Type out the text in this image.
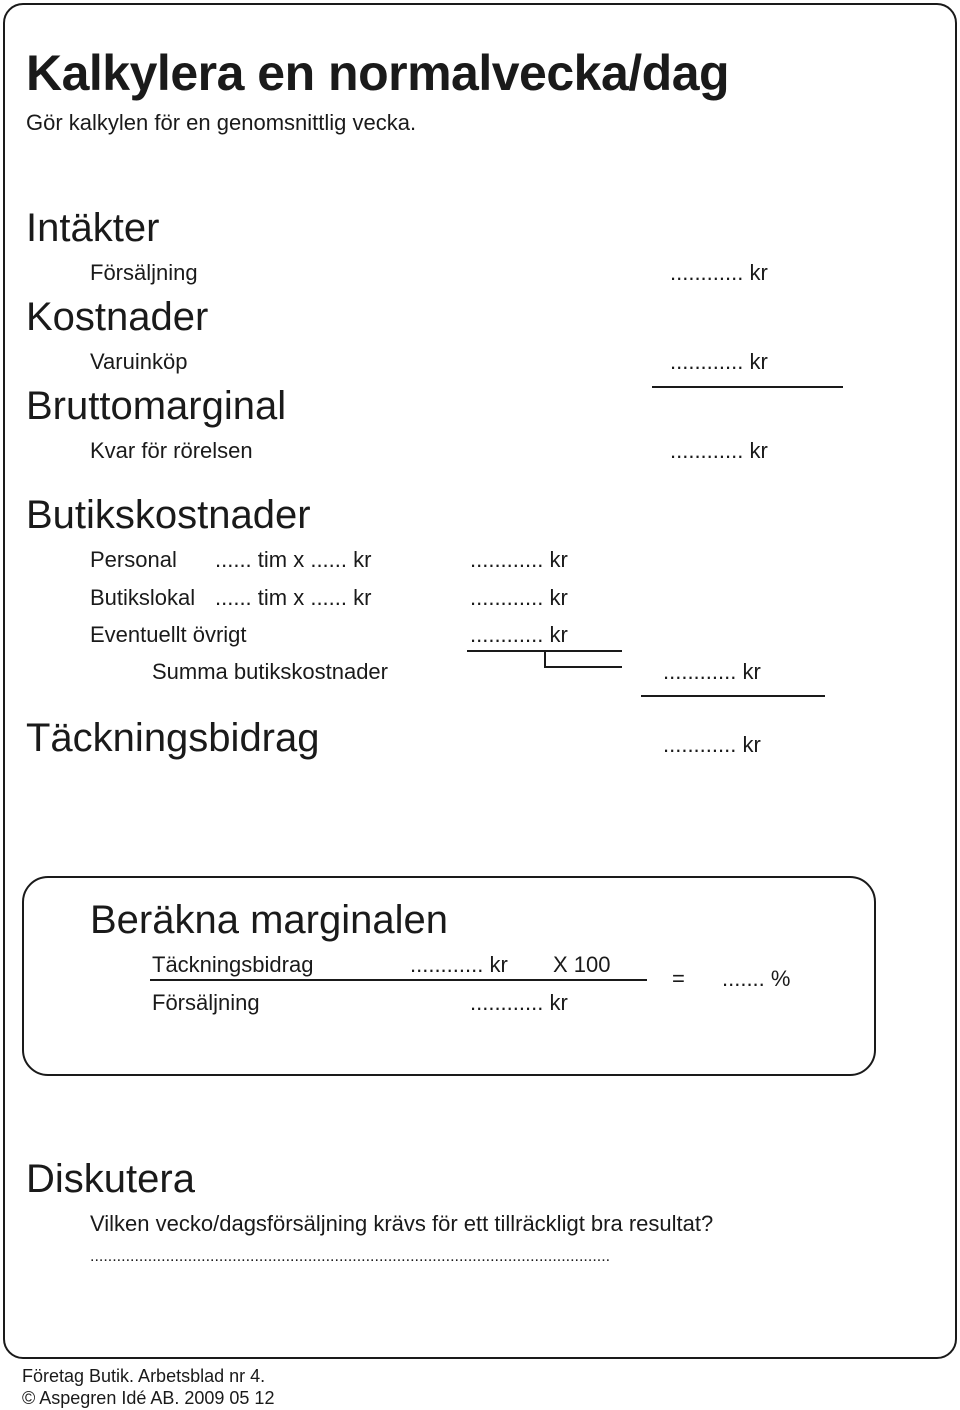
Kalkylera en normalvecka/dag
Gör kalkylen för en genomsnittlig vecka.
Intäkter
Försäljning	............ kr
Kostnader
Varuinköp	............ kr
Bruttomarginal
Kvar för rörelsen	............ kr
Butikskostnader
Personal ...... tim x ...... kr	............ kr
Butikslokal ...... tim x ...... kr	............ kr
Eventuellt övrigt	............ kr
Summa butikskostnader	............ kr
Täckningsbidrag	............ kr
Beräkna marginalen
Täckningsbidrag	............ kr X 100
Försäljning	............ kr
= ....... %
Diskutera
Vilken vecko/dagsförsäljning krävs för ett tillräckligt bra resultat?
.....................................................................................................................
Företag Butik. Arbetsblad nr 4.
© Aspegren Idé AB. 2009 05 12
